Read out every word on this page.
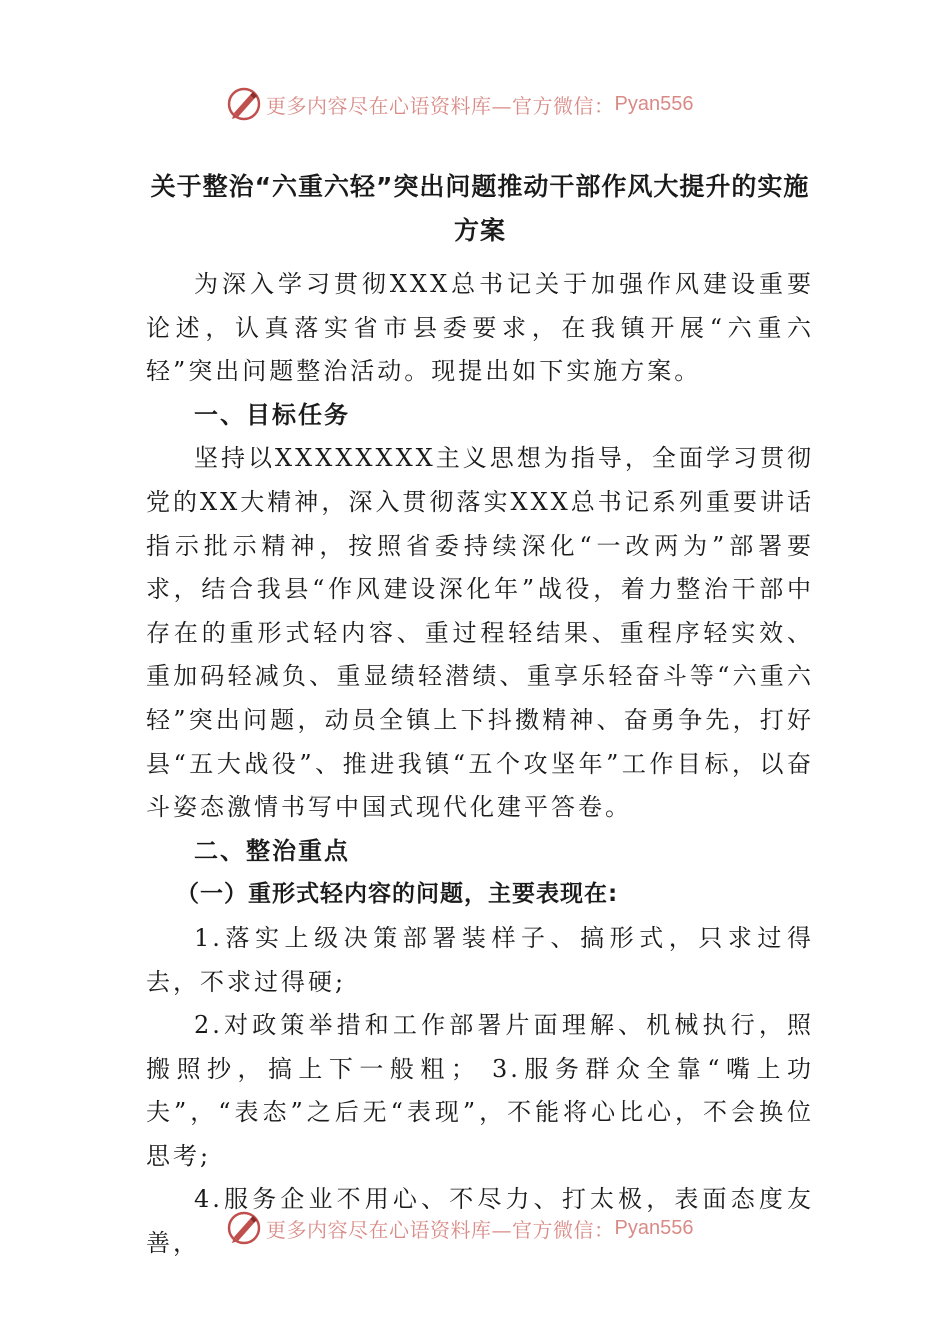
更多内容尽在心语资料库—官方微信： Pyan556
关于整治“六重六轻”突出问题推动干部作风大提升的实施方案

为深入学习贯彻XXX总书记关于加强作风建设重要论述，认真落实省市县委要求，在我镇开展“六重六轻”突出问题整治活动。现提出如下实施方案。

一、目标任务

坚持以XXXXXXXX主义思想为指导，全面学习贯彻党的XX大精神，深入贯彻落实XXX总书记系列重要讲话指示批示精神，按照省委持续深化“一改两为”部署要求，结合我县“作风建设深化年”战役，着力整治干部中存在的重形式轻内容、重过程轻结果、重程序轻实效、重加码轻减负、重显绩轻潜绩、重享乐轻奋斗等“六重六轻”突出问题，动员全镇上下抖擞精神、奋勇争先，打好县“五大战役”、推进我镇“五个攻坚年”工作目标，以奋斗姿态激情书写中国式现代化建平答卷。

二、整治重点

（一）重形式轻内容的问题，主要表现在:

1.落实上级决策部署装样子、搞形式，只求过得去，不求过得硬;

2.对政策举措和工作部署片面理解、机械执行，照搬照抄，搞上下一般粗； 3.服务群众全靠“嘴上功夫”，“表态”之后无“表现”，不能将心比心，不会换位思考;

4.服务企业不用心、不尽力、打太极，表面态度友善，	更多内容尽在心语资料库—官方微信： Pyan556
